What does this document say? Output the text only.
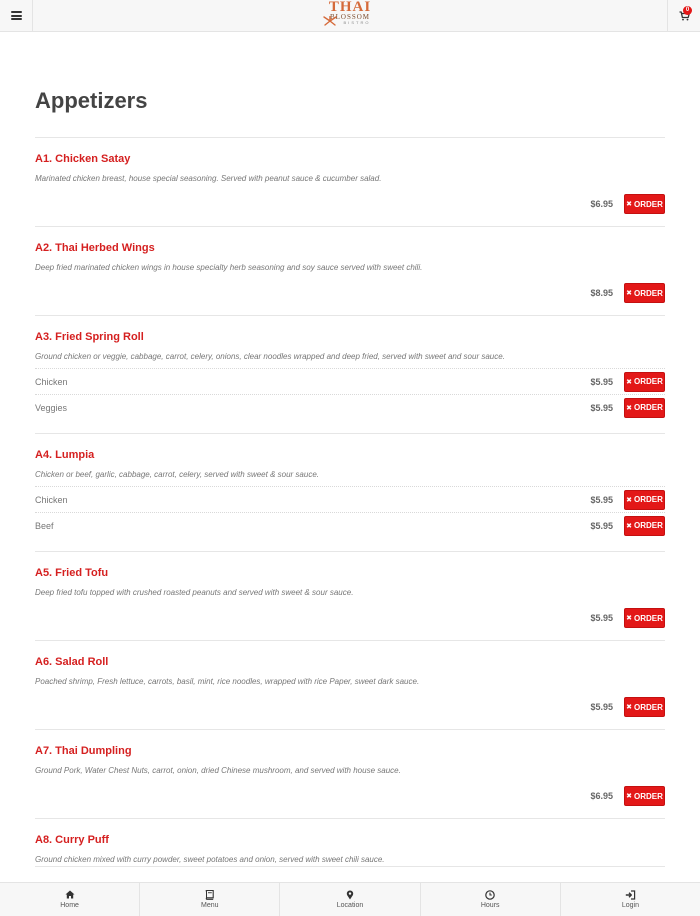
THAI
BLOSSOM
BISTRO
0
Appetizers
A1. Chicken Satay
Marinated chicken breast, house special seasoning. Served with peanut sauce & cucumber salad.
$6.95 ✖ ORDER
A2. Thai Herbed Wings
Deep fried marinated chicken wings in house specialty herb seasoning and soy sauce served with sweet chili.
$8.95 ✖ ORDER
A3. Fried Spring Roll
Ground chicken or veggie, cabbage, carrot, celery, onions, clear noodles wrapped and deep fried, served with sweet and sour sauce.
Chicken	$5.95 ✖ ORDER
Veggies	$5.95 ✖ ORDER
A4. Lumpia
Chicken or beef, garlic, cabbage, carrot, celery, served with sweet & sour sauce.
Chicken	$5.95 ✖ ORDER
Beef	$5.95 ✖ ORDER
A5. Fried Tofu
Deep fried tofu topped with crushed roasted peanuts and served with sweet & sour sauce.
$5.95 ✖ ORDER
A6. Salad Roll
Poached shrimp, Fresh lettuce, carrots, basil, mint, rice noodles, wrapped with rice Paper, sweet dark sauce.
$5.95 ✖ ORDER
A7. Thai Dumpling
Ground Pork, Water Chest Nuts, carrot, onion, dried Chinese mushroom, and served with house sauce.
$6.95 ✖ ORDER
A8. Curry Puff
Ground chicken mixed with curry powder, sweet potatoes and onion, served with sweet chili sauce.
Home	Menu	Location	Hours	Login
